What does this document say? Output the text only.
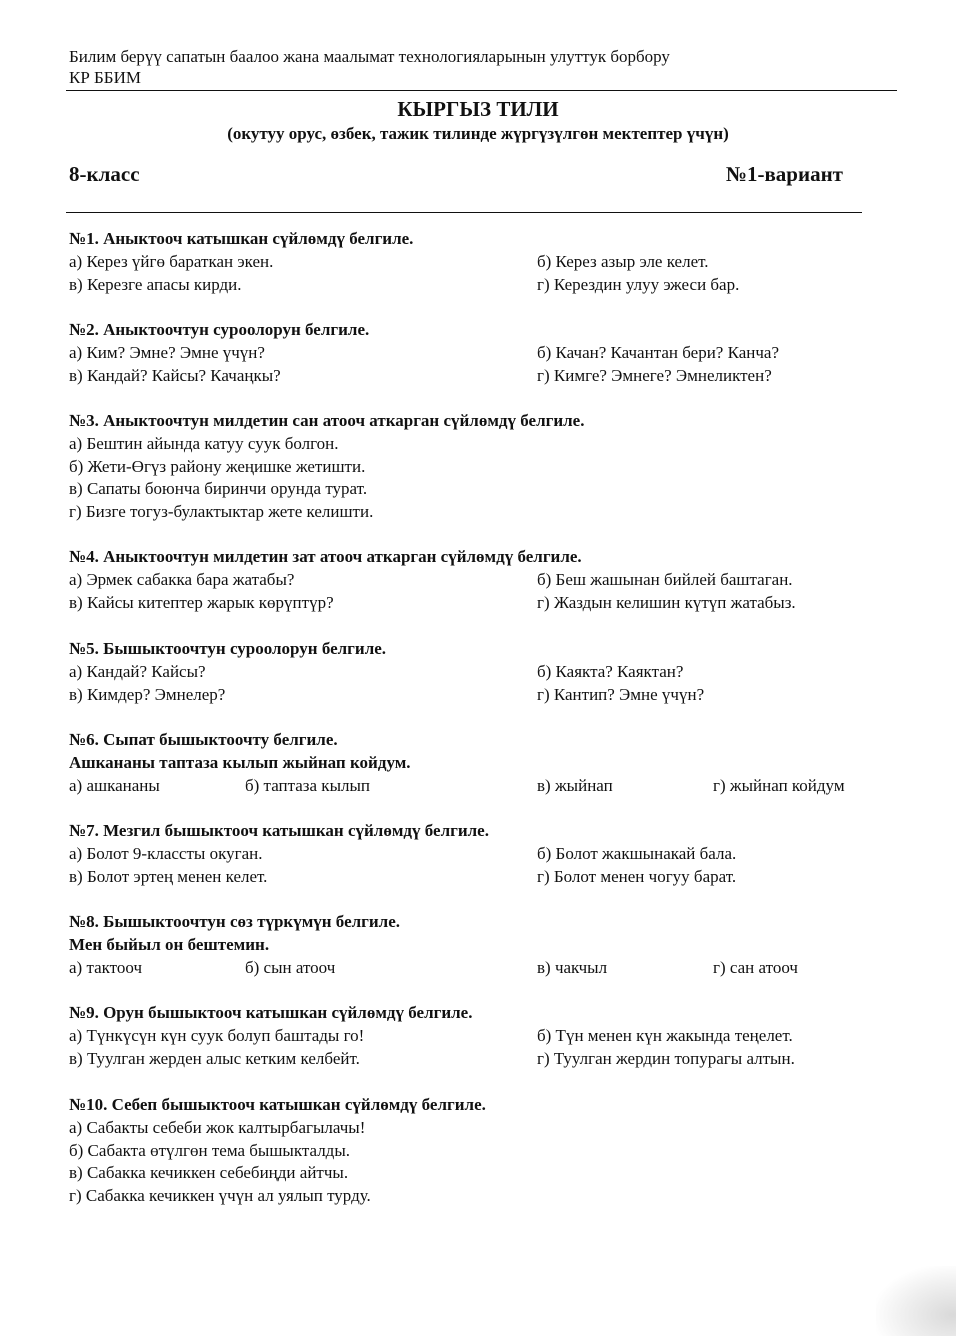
Билим берүү сапатын баалоо жана маалымат технологияларынын улуттук борбору
КР ББИМ
КЫРГЫЗ ТИЛИ
(окутуу орус, өзбек, тажик тилинде жүргүзүлгөн мектептер үчүн)
8-класс	№1-вариант
№1. Аныктооч катышкан сүйлөмдү белгиле.
а) Керез үйгө бараткан экен.	б) Керез азыр эле келет.
в) Керезге апасы кирди.	г) Керездин улуу эжеси бар.
№2. Аныктоочтун суроолорун белгиле.
а) Ким? Эмне? Эмне үчүн?	б) Качан? Качантан бери? Канча?
в) Кандай? Кайсы? Качаңкы?	г) Кимге? Эмнеге? Эмнеликтен?
№3. Аныктоочтун милдетин сан атооч аткарган сүйлөмдү белгиле.
а) Бештин айында катуу суук болгон.
б) Жети-Өгүз району жеңишке жетишти.
в) Сапаты боюнча биринчи орунда турат.
г) Бизге тогуз-булактыктар жете келишти.
№4. Аныктоочтун милдетин зат атооч аткарган сүйлөмдү белгиле.
а) Эрмек сабакка бара жатабы?	б) Беш жашынан бийлей баштаган.
в) Кайсы китептер жарык көрүптүр?	г) Жаздын келишин күтүп жатабыз.
№5. Бышыктоочтун суроолорун белгиле.
а) Кандай? Кайсы?	б) Каякта? Каяктан?
в) Кимдер? Эмнелер?	г) Кантип? Эмне үчүн?
№6. Сыпат бышыктоочту белгиле.
Ашкананы таптаза кылып жыйнап койдум.
а) ашкананы	б) таптаза кылып	в) жыйнап	г) жыйнап койдум
№7. Мезгил бышыктооч катышкан сүйлөмдү белгиле.
а) Болот 9-классты окуган.	б) Болот жакшынакай бала.
в) Болот эртең менен келет.	г) Болот менен чогуу барат.
№8. Бышыктоочтун сөз түркүмүн белгиле.
Мен быйыл он бештемин.
а) тактооч	б) сын атооч	в) чакчыл	г) сан атооч
№9. Орун бышыктооч катышкан сүйлөмдү белгиле.
а) Түнкүсүн күн суук болуп баштады го!	б) Түн менен күн жакында теңелет.
в) Туулган жерден алыс кетким келбейт.	г) Туулган жердин топурагы алтын.
№10. Себеп бышыктооч катышкан сүйлөмдү белгиле.
а) Сабакты себеби жок калтырбагылачы!
б) Сабакта өтүлгөн тема бышыкталды.
в) Сабакка кечиккен себебиңди айтчы.
г) Сабакка кечиккен үчүн ал уялып турду.
